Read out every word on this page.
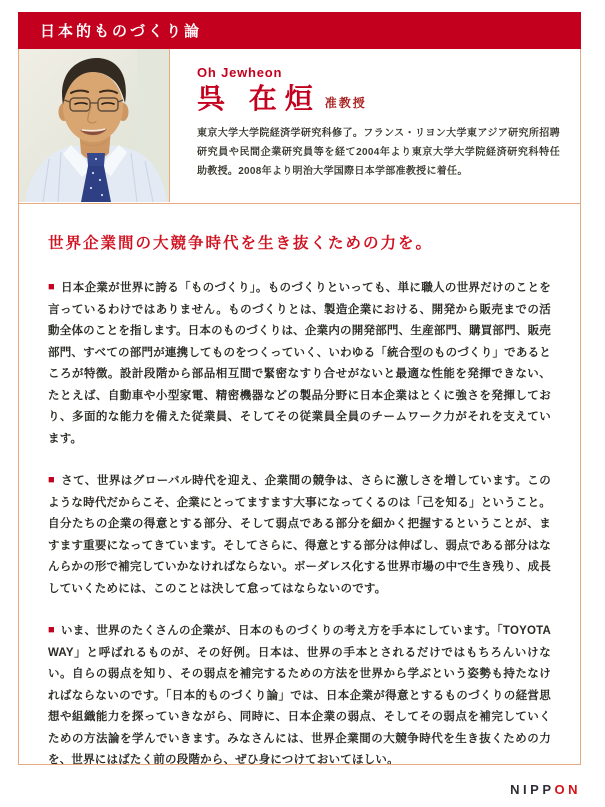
日本的ものづくり論
Oh Jewheon
呉 在烜 准教授
東京大学大学院経済学研究科修了。フランス・リヨン大学東アジア研究所招聘研究員や民間企業研究員等を経て2004年より東京大学大学院経済研究科特任助教授。2008年より明治大学国際日本学部准教授に着任。
世界企業間の大競争時代を生き抜くための力を。

■ 日本企業が世界に誇る「ものづくり」。ものづくりといっても、単に職人の世界だけのことを言っているわけではありません。ものづくりとは、製造企業における、開発から販売までの活動全体のことを指します。日本のものづくりは、企業内の開発部門、生産部門、購買部門、販売部門、すべての部門が連携してものをつくっていく、いわゆる「統合型のものづくり」であるところが特徴。設計段階から部品相互間で緊密なすり合せがないと最適な性能を発揮できない、たとえば、自動車や小型家電、精密機器などの製品分野に日本企業はとくに強さを発揮しており、多面的な能力を備えた従業員、そしてその従業員全員のチームワーク力がそれを支えています。

■ さて、世界はグローバル時代を迎え、企業間の競争は、さらに激しさを増しています。このような時代だからこそ、企業にとってますます大事になってくるのは「己を知る」ということ。自分たちの企業の得意とする部分、そして弱点である部分を細かく把握するということが、ますます重要になってきています。そしてさらに、得意とする部分は伸ばし、弱点である部分はなんらかの形で補完していかなければならない。ボーダレス化する世界市場の中で生き残り、成長していくためには、このことは決して怠ってはならないのです。

■ いま、世界のたくさんの企業が、日本のものづくりの考え方を手本にしています。「TOYOTA WAY」と呼ばれるものが、その好例。日本は、世界の手本とされるだけではもちろんいけない。自らの弱点を知り、その弱点を補完するための方法を世界から学ぶという姿勢も持たなければならないのです。「日本的ものづくり論」では、日本企業が得意とするものづくりの経営思想や組織能力を探っていきながら、同時に、日本企業の弱点、そしてその弱点を補完していくための方法論を学んでいきます。みなさんには、世界企業間の大競争時代を生き抜くための力を、世界にはばたく前の段階から、ぜひ身につけておいてほしい。

NIPPON
